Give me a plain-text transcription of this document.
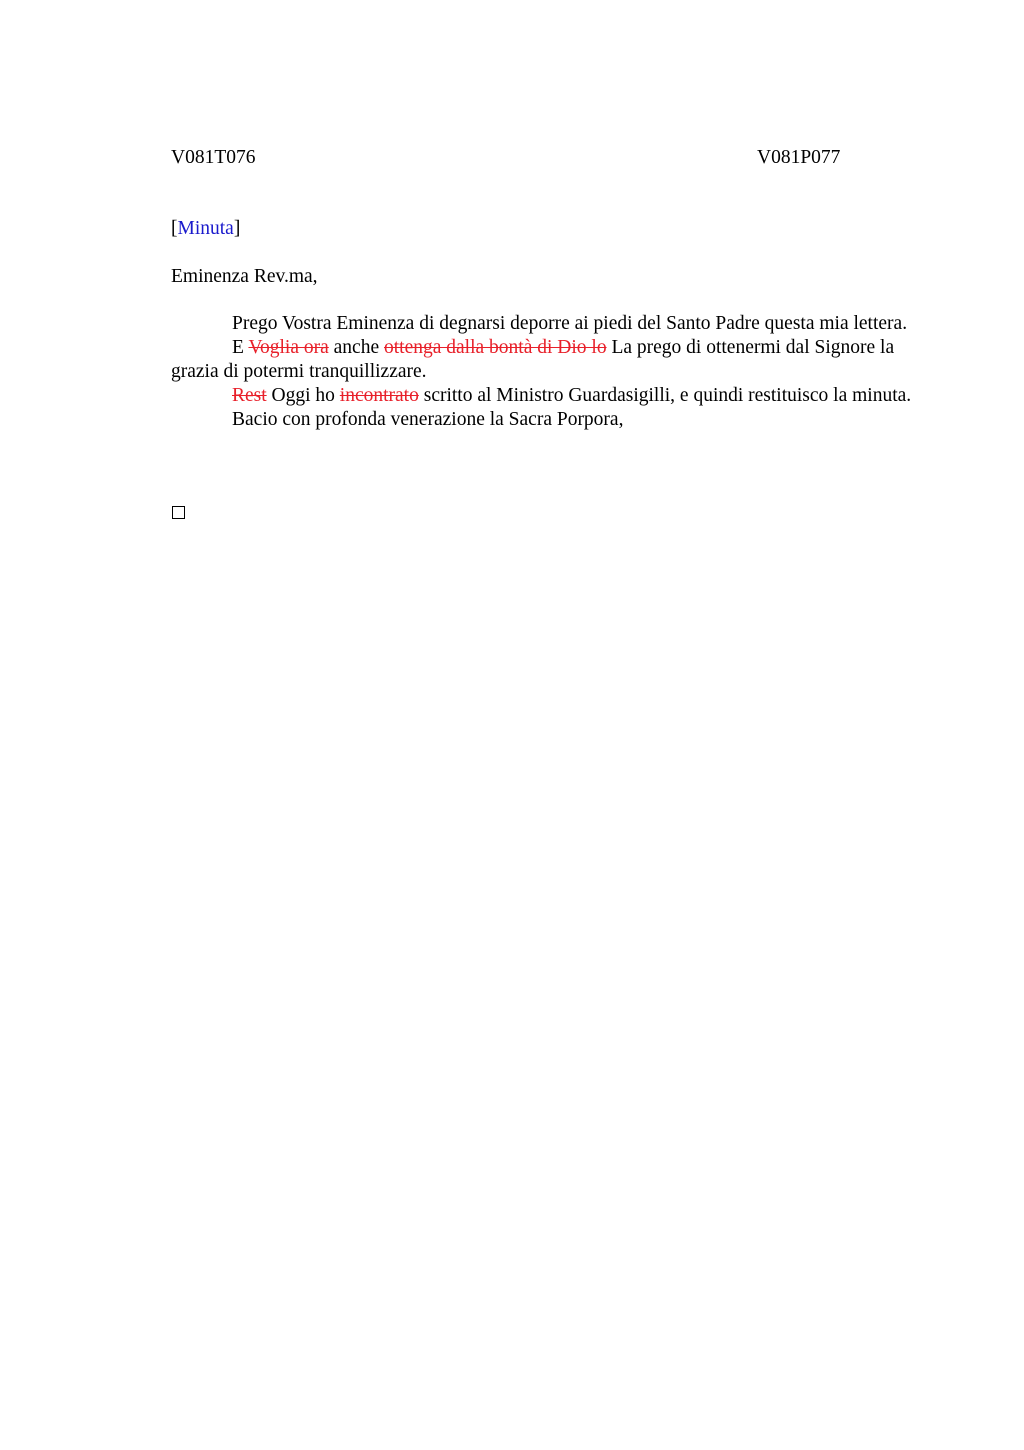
V081T076	V081P077
[Minuta]
Eminenza Rev.ma,

Prego Vostra Eminenza di degnarsi deporre ai piedi del Santo Padre questa mia lettera.

E Voglia ora anche ottenga dalla bontà di Dio lo La prego di ottenermi dal Signore la grazia di potermi tranquillizzare.

Rest Oggi ho incontrato scritto al Ministro Guardasigilli, e quindi restituisco la minuta.

Bacio con profonda venerazione la Sacra Porpora,
